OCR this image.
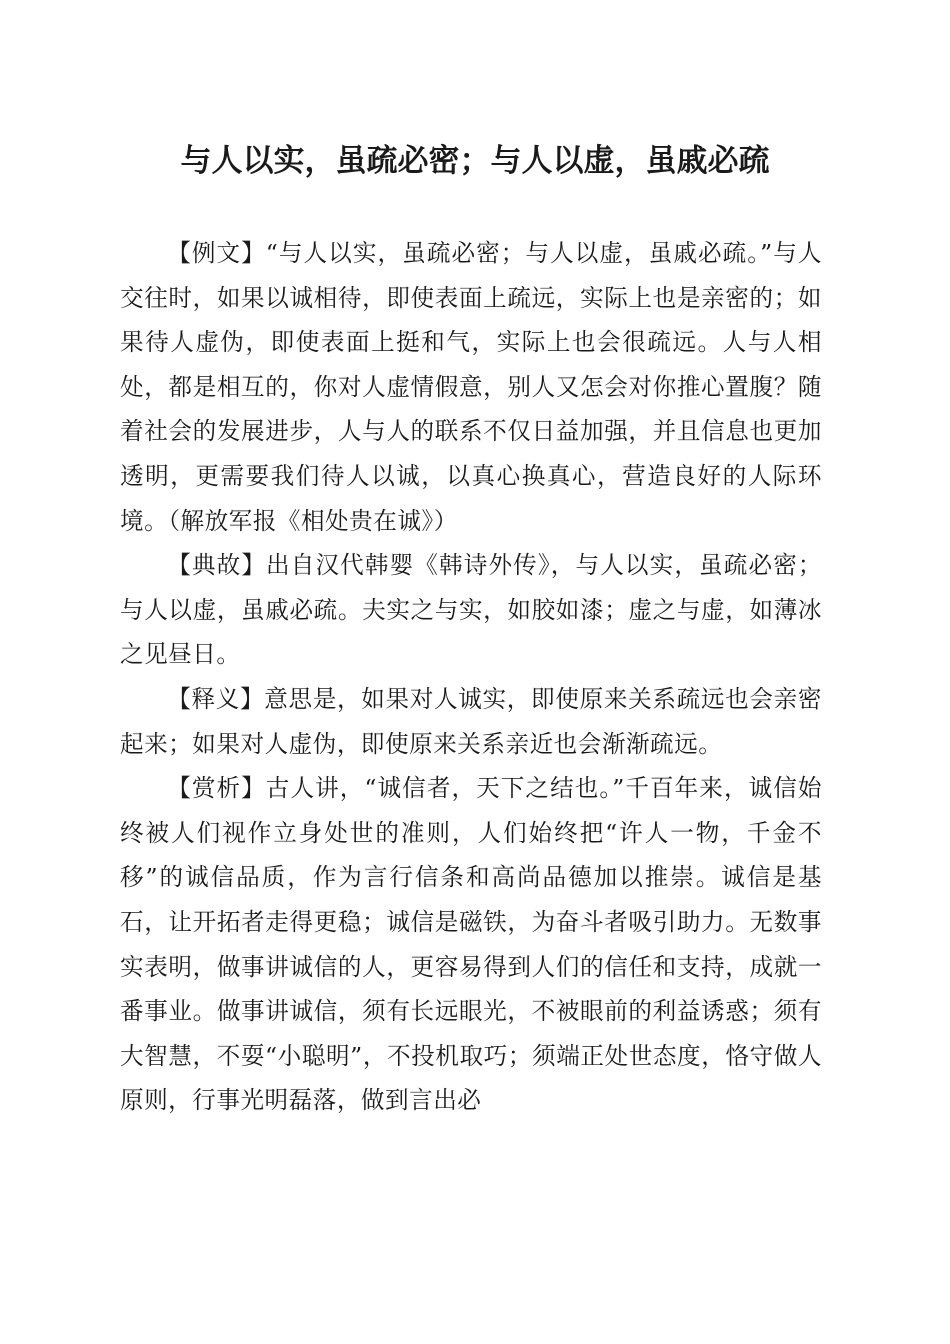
与人以实，虽疏必密；与人以虚，虽戚必疏

【例文】“与人以实，虽疏必密；与人以虚，虽戚必疏。”与人交往时，如果以诚相待，即使表面上疏远，实际上也是亲密的；如果待人虚伪，即使表面上挺和气，实际上也会很疏远。人与人相处，都是相互的，你对人虚情假意，别人又怎会对你推心置腹？随着社会的发展进步，人与人的联系不仅日益加强，并且信息也更加透明，更需要我们待人以诚，以真心换真心，营造良好的人际环境。（解放军报《相处贵在诚》）

【典故】出自汉代韩婴《韩诗外传》，与人以实，虽疏必密；与人以虚，虽戚必疏。夫实之与实，如胶如漆；虚之与虚，如薄冰之见昼日。

【释义】意思是，如果对人诚实，即使原来关系疏远也会亲密起来；如果对人虚伪，即使原来关系亲近也会渐渐疏远。

【赏析】古人讲，“诚信者，天下之结也。”千百年来，诚信始终被人们视作立身处世的准则，人们始终把“许人一物，千金不移”的诚信品质，作为言行信条和高尚品德加以推崇。诚信是基石，让开拓者走得更稳；诚信是磁铁，为奋斗者吸引助力。无数事实表明，做事讲诚信的人，更容易得到人们的信任和支持，成就一番事业。做事讲诚信，须有长远眼光，不被眼前的利益诱惑；须有大智慧，不耍“小聪明”，不投机取巧；须端正处世态度，恪守做人原则，行事光明磊落，做到言出必
